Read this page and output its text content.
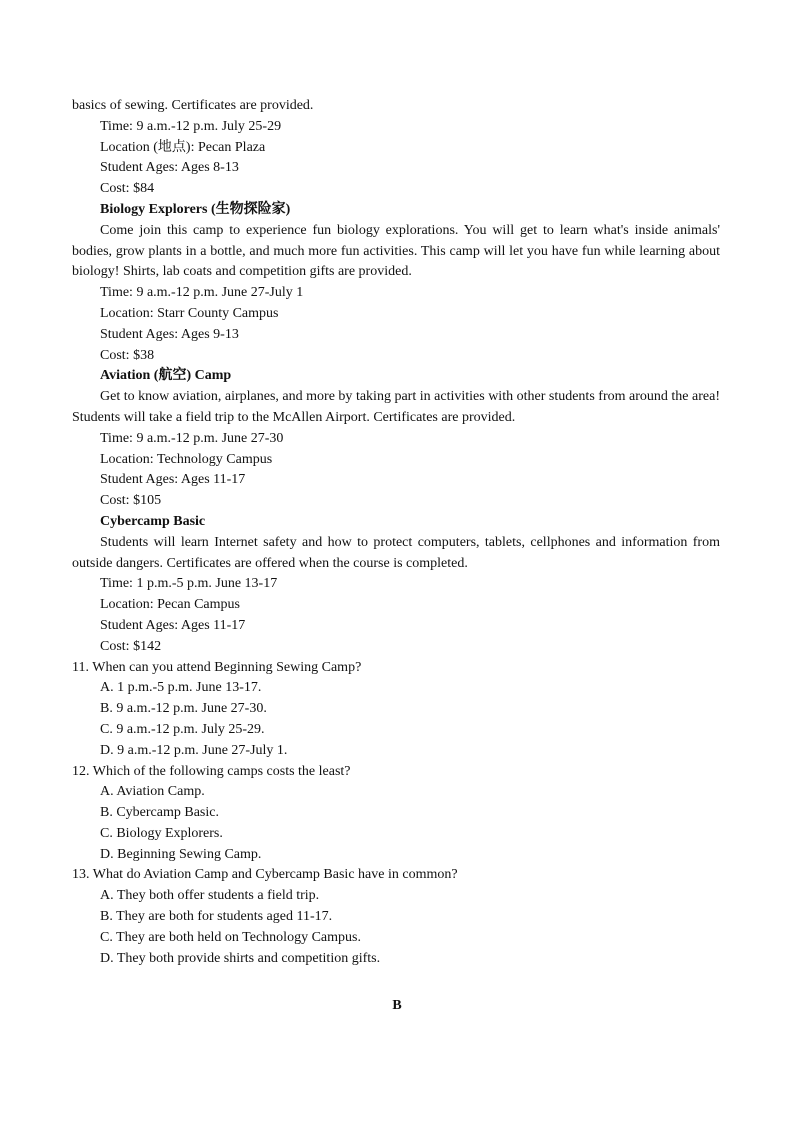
basics of sewing. Certificates are provided.
Time: 9 a.m.-12 p.m. July 25-29
Location (地点): Pecan Plaza
Student Ages: Ages 8-13
Cost: $84
Biology Explorers (生物探险家)
Come join this camp to experience fun biology explorations. You will get to learn what's inside animals' bodies, grow plants in a bottle, and much more fun activities. This camp will let you have fun while learning about biology! Shirts, lab coats and competition gifts are provided.
Time: 9 a.m.-12 p.m. June 27-July 1
Location: Starr County Campus
Student Ages: Ages 9-13
Cost: $38
Aviation (航空) Camp
Get to know aviation, airplanes, and more by taking part in activities with other students from around the area! Students will take a field trip to the McAllen Airport. Certificates are provided.
Time: 9 a.m.-12 p.m. June 27-30
Location: Technology Campus
Student Ages: Ages 11-17
Cost: $105
Cybercamp Basic
Students will learn Internet safety and how to protect computers, tablets, cellphones and information from outside dangers. Certificates are offered when the course is completed.
Time: 1 p.m.-5 p.m. June 13-17
Location: Pecan Campus
Student Ages: Ages 11-17
Cost: $142
11. When can you attend Beginning Sewing Camp?
A. 1 p.m.-5 p.m. June 13-17.
B. 9 a.m.-12 p.m. June 27-30.
C. 9 a.m.-12 p.m. July 25-29.
D. 9 a.m.-12 p.m. June 27-July 1.
12. Which of the following camps costs the least?
A. Aviation Camp.
B. Cybercamp Basic.
C. Biology Explorers.
D. Beginning Sewing Camp.
13. What do Aviation Camp and Cybercamp Basic have in common?
A. They both offer students a field trip.
B. They are both for students aged 11-17.
C. They are both held on Technology Campus.
D. They both provide shirts and competition gifts.
B
